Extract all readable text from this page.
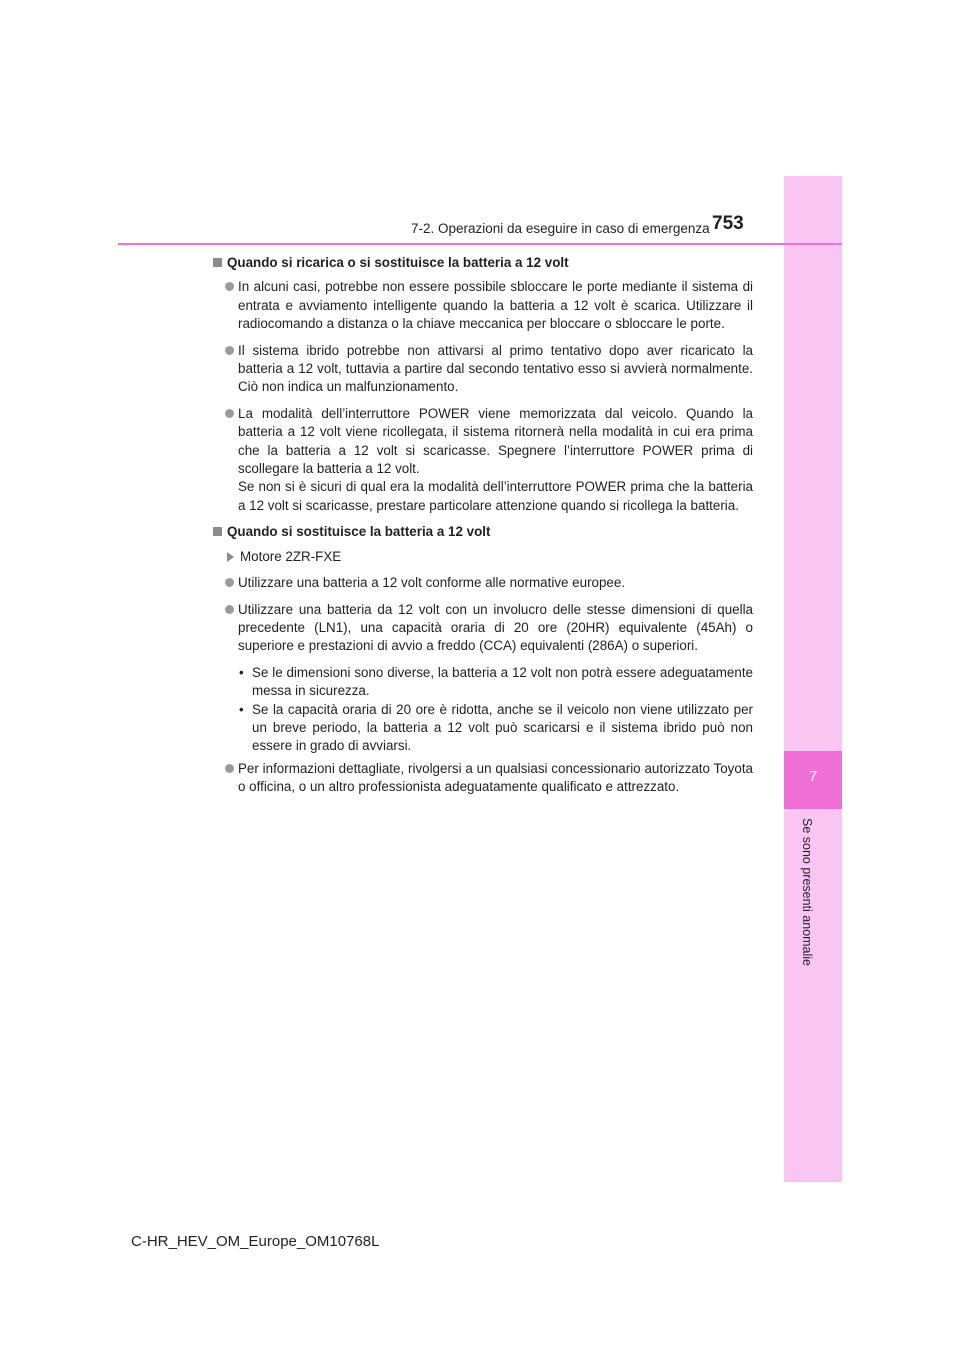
7
Se sono presenti anomalie
7-2. Operazioni da eseguire in caso di emergenza 753
Quando si ricarica o si sostituisce la batteria a 12 volt
In alcuni casi, potrebbe non essere possibile sbloccare le porte mediante il sistema di entrata e avviamento intelligente quando la batteria a 12 volt è scarica. Utilizzare il radiocomando a distanza o la chiave meccanica per bloccare o sbloccare le porte.
Il sistema ibrido potrebbe non attivarsi al primo tentativo dopo aver ricaricato la batteria a 12 volt, tuttavia a partire dal secondo tentativo esso si avvierà normalmente. Ciò non indica un malfunzionamento.
La modalità dell’interruttore POWER viene memorizzata dal veicolo. Quando la batteria a 12 volt viene ricollegata, il sistema ritornerà nella modalità in cui era prima che la batteria a 12 volt si scaricasse. Spegnere l’interruttore POWER prima di scollegare la batteria a 12 volt.
Se non si è sicuri di qual era la modalità dell’interruttore POWER prima che la batteria a 12 volt si scaricasse, prestare particolare attenzione quando si ricollega la batteria.
Quando si sostituisce la batteria a 12 volt
Motore 2ZR-FXE
Utilizzare una batteria a 12 volt conforme alle normative europee.
Utilizzare una batteria da 12 volt con un involucro delle stesse dimensioni di quella precedente (LN1), una capacità oraria di 20 ore (20HR) equivalente (45Ah) o superiore e prestazioni di avvio a freddo (CCA) equivalenti (286A) o superiori.
• Se le dimensioni sono diverse, la batteria a 12 volt non potrà essere adeguatamente messa in sicurezza.
• Se la capacità oraria di 20 ore è ridotta, anche se il veicolo non viene utilizzato per un breve periodo, la batteria a 12 volt può scaricarsi e il sistema ibrido può non essere in grado di avviarsi.
Per informazioni dettagliate, rivolgersi a un qualsiasi concessionario autorizzato Toyota o officina, o un altro professionista adeguatamente qualificato e attrezzato.
C-HR_HEV_OM_Europe_OM10768L
